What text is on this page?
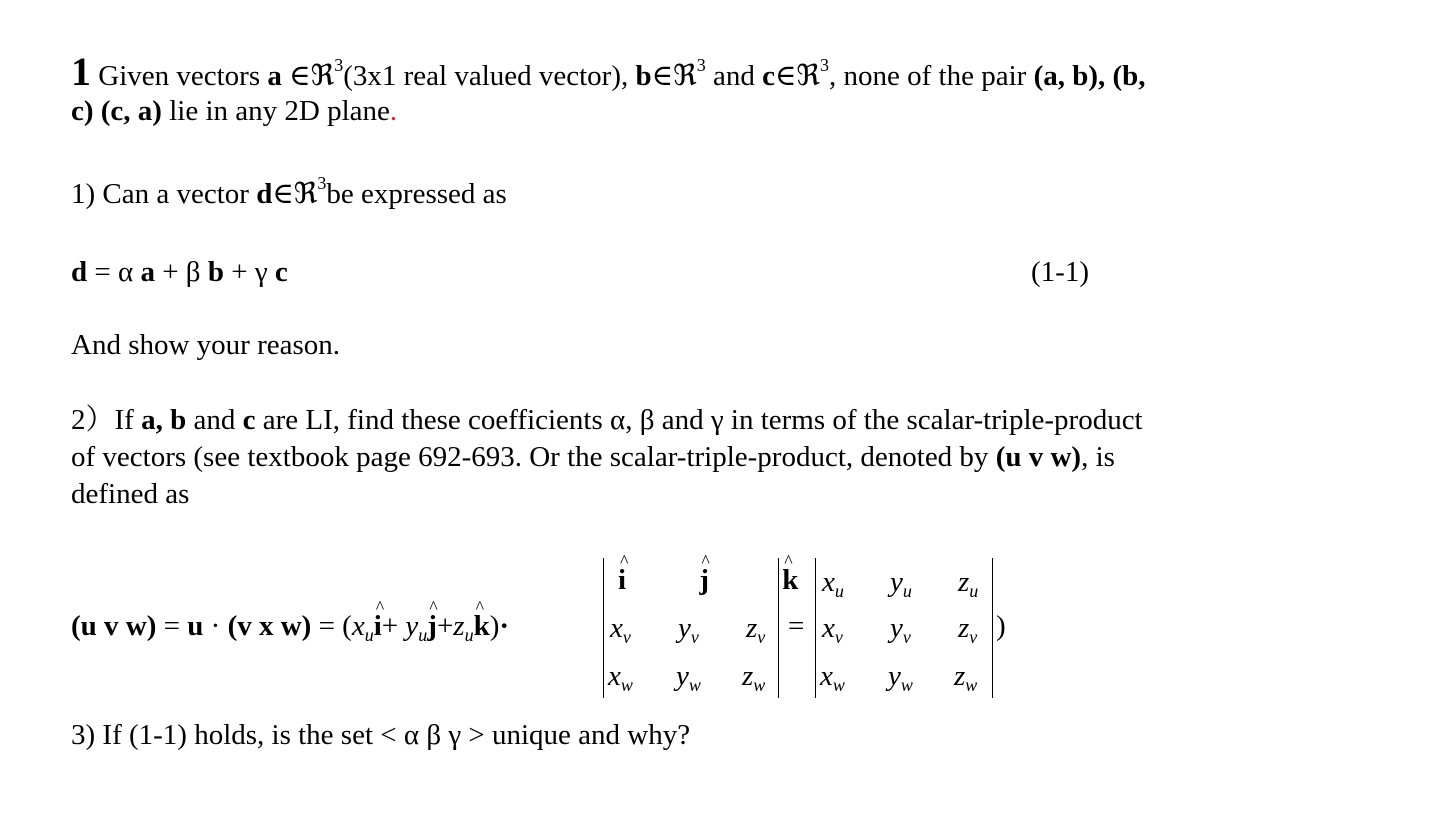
1 Given vectors a ∈ℜ$^3$(3x1 real valued vector), b∈ℜ$^3$ and c∈ℜ$^3$, none of the pair (a, b), (b,
c) (c, a) lie in any 2D plane.
1) Can a vector d∈ℜ$^3$be expressed as
d = α a + β b + γ c	(1-1)
And show your reason.
2）If a, b and c are LI, find these coefficients α, β and γ in terms of the scalar-triple-product
of vectors (see textbook page 692-693. Or the scalar-triple-product, denoted by (u v w), is
defined as
(u v w) = u · (v x $w) = (x_u\^{}$ $i+ y_u\^{}$ $j+z_u\^{}$ k)·
^ i	^ j	^ k
$x_v$ $y_v$ $z_v$
$x_w$ $y_w$ $z_w$
=
$x_u$ $y_u$ $z_u$
$x_v$ $y_v$ $z_v$
$x_w$ $y_w$ $z_w$
)
3) If (1-1) holds, is the set < α β γ > unique and why?
